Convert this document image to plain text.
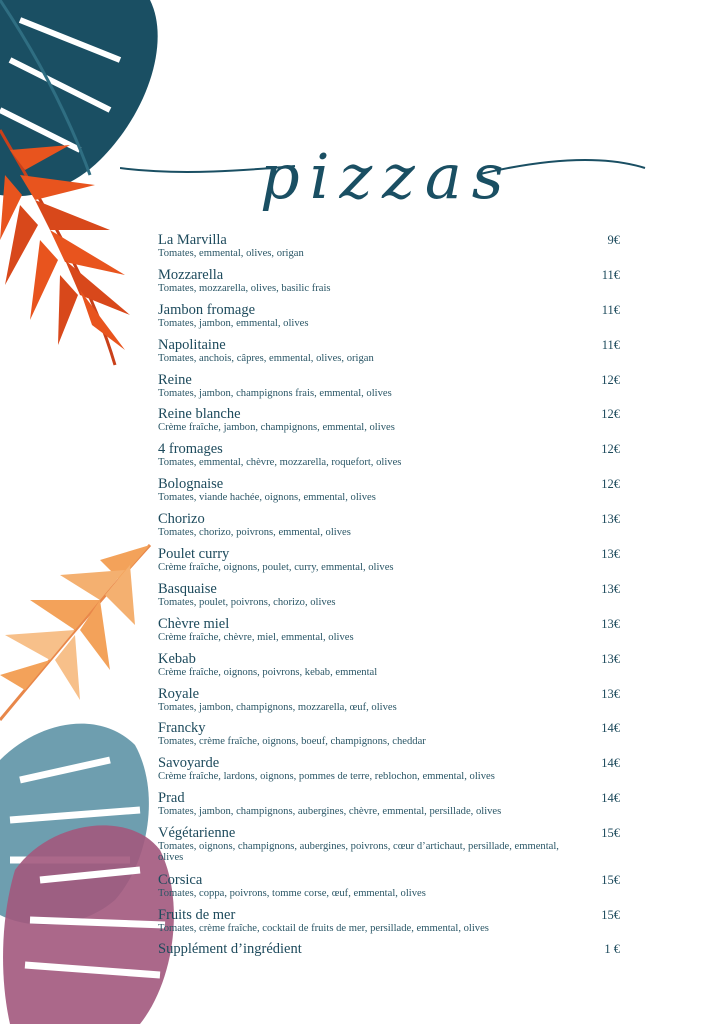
pizzas
La Marvilla
Tomates, emmental, olives, origan
9€
Mozzarella
Tomates, mozzarella, olives, basilic frais
11€
Jambon fromage
Tomates, jambon, emmental, olives
11€
Napolitaine
Tomates, anchois, câpres, emmental, olives, origan
11€
Reine
Tomates, jambon, champignons frais, emmental, olives
12€
Reine blanche
Crème fraîche, jambon, champignons, emmental, olives
12€
4 fromages
Tomates, emmental, chèvre, mozzarella, roquefort, olives
12€
Bolognaise
Tomates, viande hachée, oignons, emmental, olives
12€
Chorizo
Tomates, chorizo, poivrons, emmental, olives
13€
Poulet curry
Crème fraîche, oignons, poulet, curry, emmental, olives
13€
Basquaise
Tomates, poulet, poivrons, chorizo, olives
13€
Chèvre miel
Crème fraîche, chèvre, miel, emmental, olives
13€
Kebab
Crème fraîche, oignons, poivrons, kebab, emmental
13€
Royale
Tomates, jambon, champignons, mozzarella, œuf, olives
13€
Francky
Tomates, crème fraîche, oignons, boeuf, champignons, cheddar
14€
Savoyarde
Crème fraîche, lardons, oignons, pommes de terre, reblochon, emmental, olives
14€
Prad
Tomates, jambon, champignons, aubergines, chèvre, emmental, persillade, olives
14€
Végétarienne
Tomates, oignons, champignons, aubergines, poivrons, cœur d’artichaut, persillade, emmental, olives
15€
Corsica
Tomates, coppa, poivrons, tomme corse, œuf, emmental, olives
15€
Fruits de mer
Tomates, crème fraîche, cocktail de fruits de mer, persillade, emmental, olives
15€
Supplément d’ingrédient	1 €
